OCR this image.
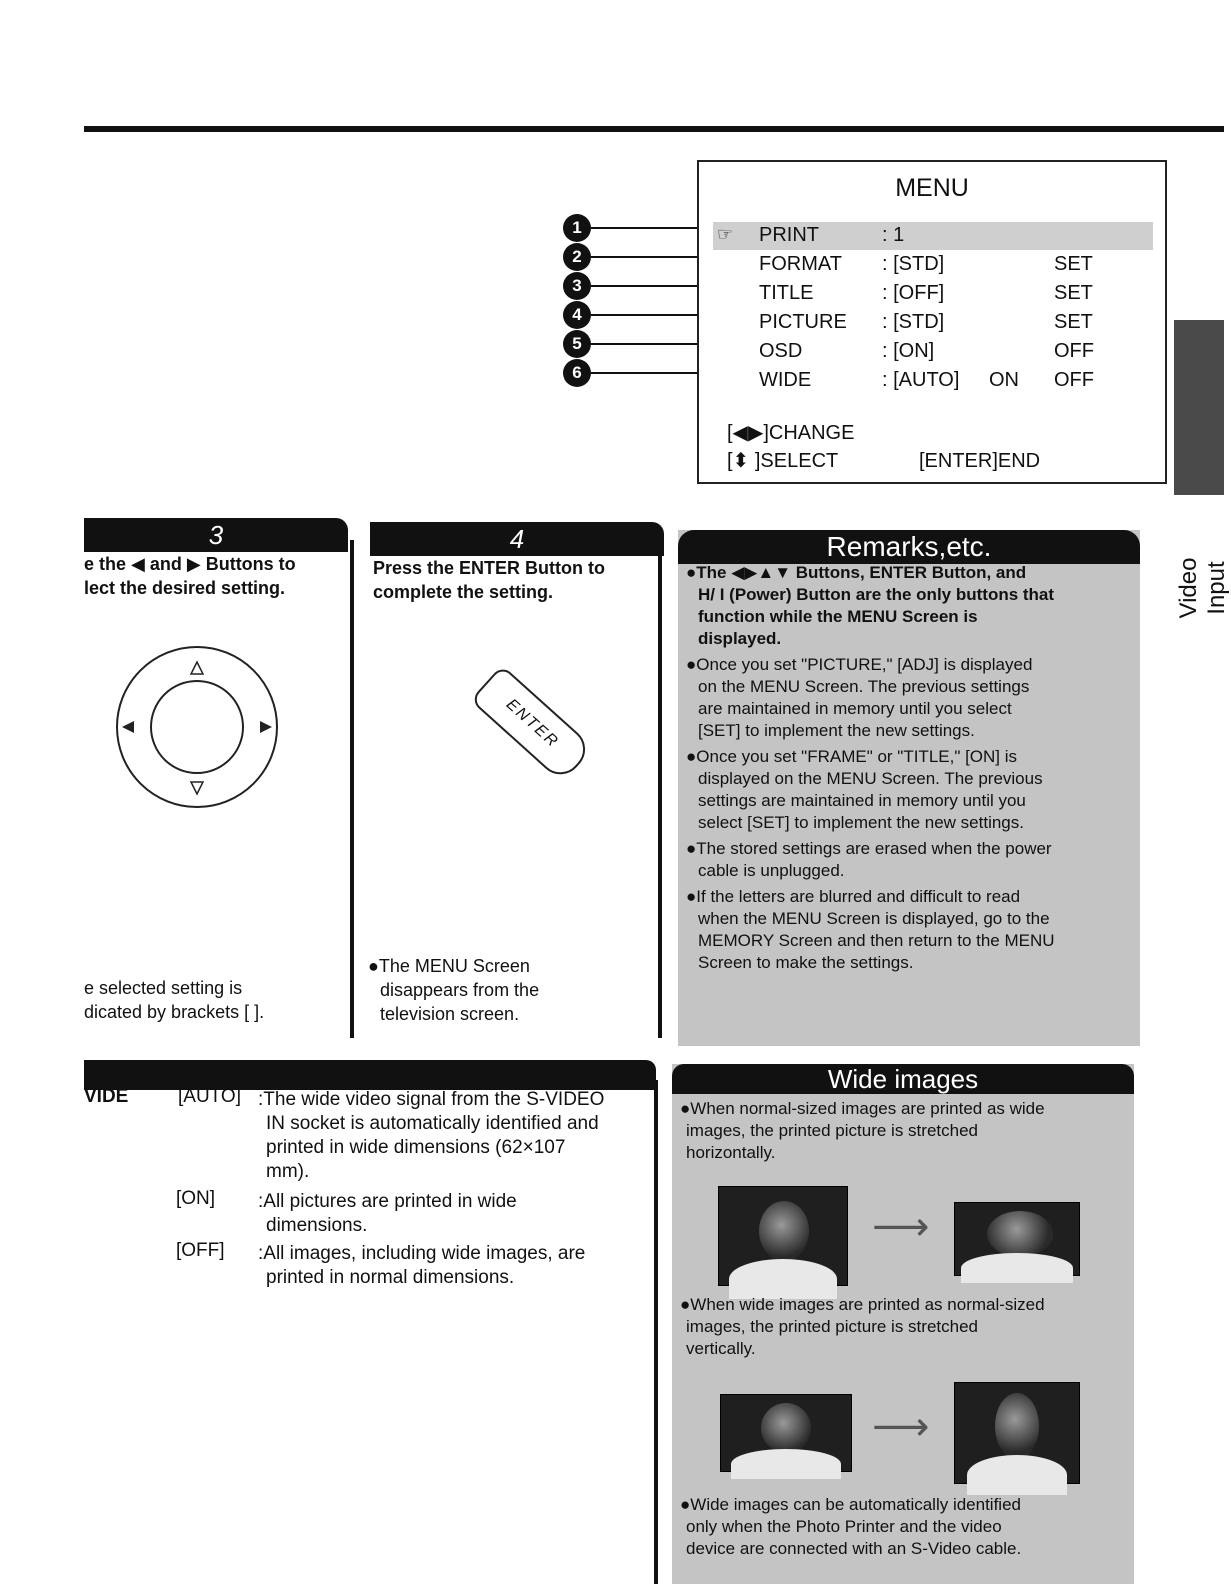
1
2
3
4
5
6
MENU
☞ PRINT	: 1
FORMAT : [STD]	SET
TITLE	: [OFF]	SET
PICTURE : [STD]	SET
OSD	: [ON]	OFF
WIDE	: [AUTO] ON OFF
[◀▶]CHANGE
[⬍ ]SELECT	[ENTER]END
Video Input
3
e the ◀ and ▶ Buttons to
lect the desired setting.
e selected setting is
dicated by brackets [ ].
4
Press the ENTER Button to
complete the setting.
ENTER
●The MENU Screen
disappears from the
television screen.
Remarks,etc.
●The ◀▶▲▼ Buttons, ENTER Button, and
H/ I (Power) Button are the only buttons that
function while the MENU Screen is
displayed.
●Once you set "PICTURE," [ADJ] is displayed
on the MENU Screen. The previous settings
are maintained in memory until you select
[SET] to implement the new settings.
●Once you set "FRAME" or "TITLE," [ON] is
displayed on the MENU Screen. The previous
settings are maintained in memory until you
select [SET] to implement the new settings.
●The stored settings are erased when the power
cable is unplugged.
●If the letters are blurred and difficult to read
when the MENU Screen is displayed, go to the
MEMORY Screen and then return to the MENU
Screen to make the settings.
VIDE	[AUTO] :The wide video signal from the S-VIDEO
IN socket is automatically identified and
printed in wide dimensions (62×107
mm).
[ON] :All pictures are printed in wide
dimensions.
[OFF] :All images, including wide images, are
printed in normal dimensions.
Wide images
●When normal-sized images are printed as wide
images, the printed picture is stretched
horizontally.
⟶
●When wide images are printed as normal-sized
images, the printed picture is stretched
vertically.
⟶
●Wide images can be automatically identified
only when the Photo Printer and the video
device are connected with an S-Video cable.
